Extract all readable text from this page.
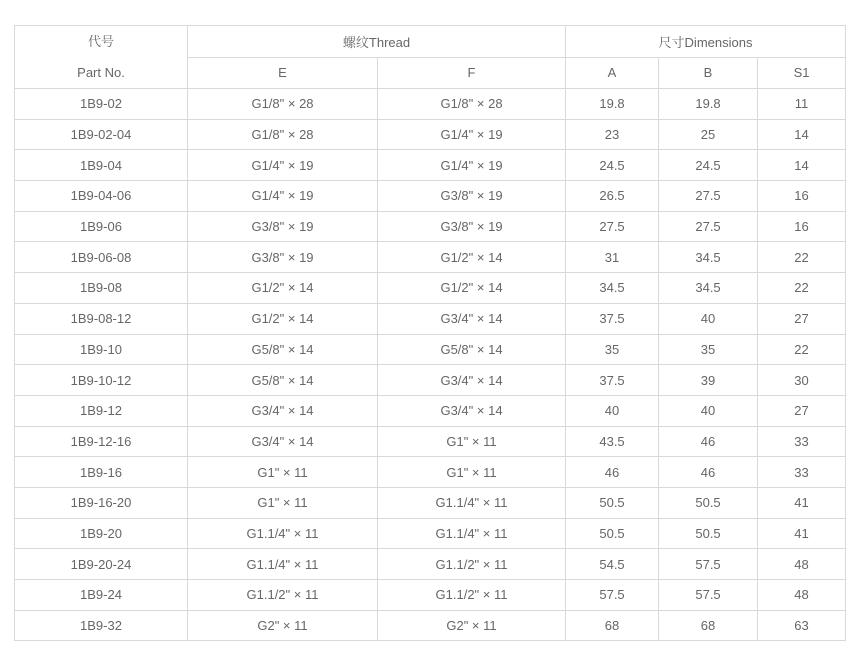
代号
Part No.	螺纹Thread		尺寸Dimensions		
	E	F	A	B	S1
1B9-02	G1/8" × 28	G1/8" × 28	19.8	19.8	11
1B9-02-04	G1/8" × 28	G1/4" × 19	23	25	14
1B9-04	G1/4" × 19	G1/4" × 19	24.5	24.5	14
1B9-04-06	G1/4" × 19	G3/8" × 19	26.5	27.5	16
1B9-06	G3/8" × 19	G3/8" × 19	27.5	27.5	16
1B9-06-08	G3/8" × 19	G1/2" × 14	31	34.5	22
1B9-08	G1/2" × 14	G1/2" × 14	34.5	34.5	22
1B9-08-12	G1/2" × 14	G3/4" × 14	37.5	40	27
1B9-10	G5/8" × 14	G5/8" × 14	35	35	22
1B9-10-12	G5/8" × 14	G3/4" × 14	37.5	39	30
1B9-12	G3/4" × 14	G3/4" × 14	40	40	27
1B9-12-16	G3/4" × 14	G1" × 11	43.5	46	33
1B9-16	G1" × 11	G1" × 11	46	46	33
1B9-16-20	G1" × 11	G1.1/4" × 11	50.5	50.5	41
1B9-20	G1.1/4" × 11	G1.1/4" × 11	50.5	50.5	41
1B9-20-24	G1.1/4" × 11	G1.1/2" × 11	54.5	57.5	48
1B9-24	G1.1/2" × 11	G1.1/2" × 11	57.5	57.5	48
1B9-32	G2" × 11	G2" × 11	68	68	63
